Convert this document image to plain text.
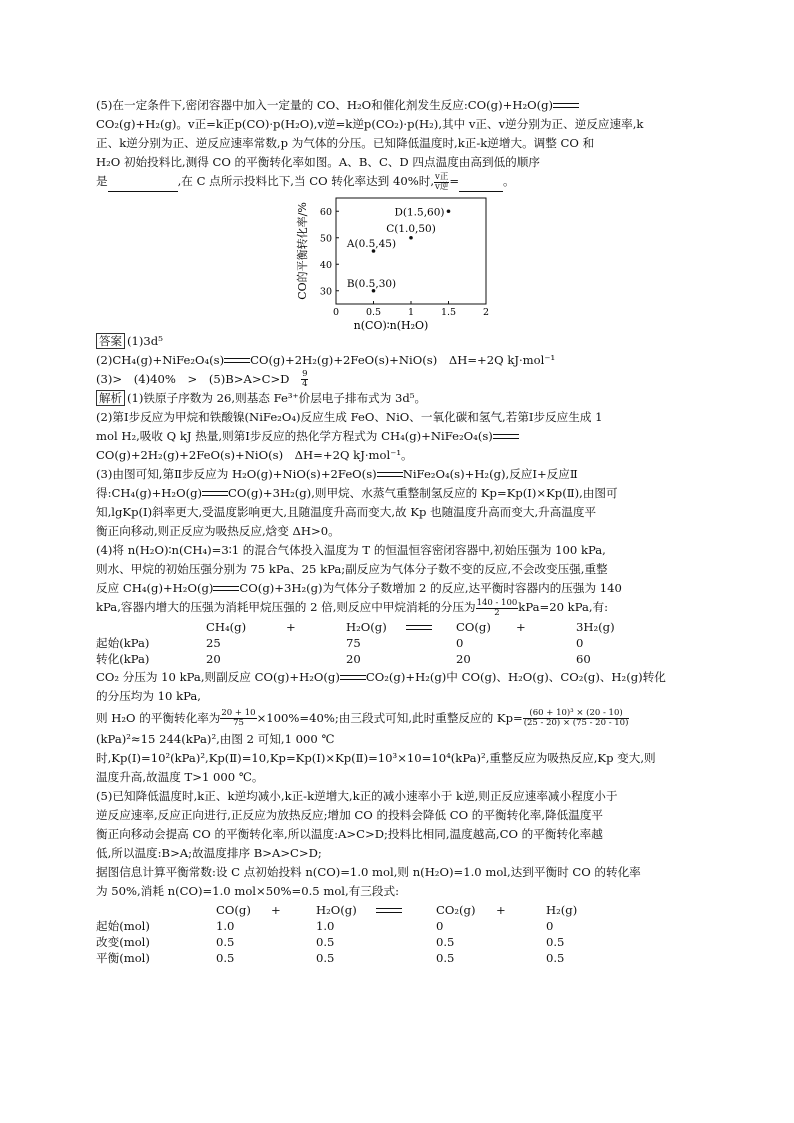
(5)在一定条件下,密闭容器中加入一定量的 CO、H₂O和催化剂发生反应:CO(g)+H₂O(g)

CO₂(g)+H₂(g)。v正=k正p(CO)·p(H₂O),v逆=k逆p(CO₂)·p(H₂),其中 v正、v逆分别为正、逆反应速率,k

正、k逆分别为正、逆反应速率常数,p 为气体的分压。已知降低温度时,k正-k逆增大。调整 CO 和

H₂O 初始投料比,测得 CO 的平衡转化率如图。A、B、C、D 四点温度由高到低的顺序

是	,在 C 点所示投料比下,当 CO 转化率达到 40%时, $\frac{\text{v正}}{\text{v逆}}$ =	。

CO的平衡转化率/%
n(CO)∶n(H₂O)
0	0.5	1	1.5	2
30
40
50
60
A(0.5,45)
B(0.5,30)
C(1.0,50)
D(1.5,60)

答案 (1)3d⁵

(2)CH₄(g)+NiFe₂O₄(s) CO(g)+2H₂(g)+2FeO(s)+NiO(s)　ΔH=+2Q kJ·mol⁻¹

(3)>　(4)40%　>　(5)B>A>C>D　 $\frac{9}{4}$

解析 (1)铁原子序数为 26,则基态 Fe³⁺价层电子排布式为 3d⁵。

(2)第Ⅰ步反应为甲烷和铁酸镍(NiFe₂O₄)反应生成 FeO、NiO、一氧化碳和氢气,若第Ⅰ步反应生成 1

mol H₂,吸收 Q kJ 热量,则第Ⅰ步反应的热化学方程式为 CH₄(g)+NiFe₂O₄(s)

CO(g)+2H₂(g)+2FeO(s)+NiO(s)　ΔH=+2Q kJ·mol⁻¹。

(3)由图可知,第Ⅱ步反应为 H₂O(g)+NiO(s)+2FeO(s) NiFe₂O₄(s)+H₂(g),反应Ⅰ+反应Ⅱ

得:CH₄(g)+H₂O(g) CO(g)+3H₂(g),则甲烷、水蒸气重整制氢反应的 Kp=Kp(Ⅰ)×Kp(Ⅱ),由图可

知,lgKp(Ⅰ)斜率更大,受温度影响更大,且随温度升高而变大,故 Kp 也随温度升高而变大,升高温度平

衡正向移动,则正反应为吸热反应,焓变 ΔH>0。

(4)将 n(H₂O)∶n(CH₄)=3∶1 的混合气体投入温度为 T 的恒温恒容密闭容器中,初始压强为 100 kPa,

则水、甲烷的初始压强分别为 75 kPa、25 kPa;副反应为气体分子数不变的反应,不会改变压强,重整

反应 CH₄(g)+H₂O(g) CO(g)+3H₂(g)为气体分子数增加 2 的反应,达平衡时容器内的压强为 140

kPa,容器内增大的压强为消耗甲烷压强的 2 倍,则反应中甲烷消耗的分压为 $\frac{140 - 100}{2} kPa=20$ kPa,有:

	CH₄(g)	+	H₂O(g)		CO(g)	+	3H₂(g)
起始(kPa)	25		75		0		0
转化(kPa)	20		20		20		60

CO₂ 分压为 10 kPa,则副反应 CO(g)+H₂O(g) CO₂(g)+H₂(g)中 CO(g)、H₂O(g)、CO₂(g)、H₂(g)转化

的分压均为 10 kPa,

则 H₂O 的平衡转化率为 $\frac{20 + 10}{75} \times 100\%=40\%$;由三段式可知,此时重整反应的 $Kp= \frac{\text{(60 + 10)³ × (20 - 10)}}{(25 - 20) \times (75 - 20 - 10)}$

(kPa)²≈15 244(kPa)²,由图 2 可知,1 000 ℃

时,Kp(Ⅰ)=10²(kPa)²,Kp(Ⅱ)=10,Kp=Kp(Ⅰ)×Kp(Ⅱ)=10³×10=10⁴(kPa)²,重整反应为吸热反应,Kp 变大,则

温度升高,故温度 T>1 000 ℃。

(5)已知降低温度时,k正、k逆均减小,k正-k逆增大,k正的减小速率小于 k逆,则正反应速率减小程度小于

逆反应速率,反应正向进行,正反应为放热反应;增加 CO 的投料会降低 CO 的平衡转化率,降低温度平

衡正向移动会提高 CO 的平衡转化率,所以温度:A>C>D;投料比相同,温度越高,CO 的平衡转化率越

低,所以温度:B>A;故温度排序 B>A>C>D;

据图信息计算平衡常数:设 C 点初始投料 n(CO)=1.0 mol,则 n(H₂O)=1.0 mol,达到平衡时 CO 的转化率

为 50%,消耗 n(CO)=1.0 mol×50%=0.5 mol,有三段式:

	CO(g)	+	H₂O(g)		CO₂(g)	+	H₂(g)
起始(mol)	1.0		1.0		0		0
改变(mol)	0.5		0.5		0.5		0.5
平衡(mol)	0.5		0.5		0.5		0.5
